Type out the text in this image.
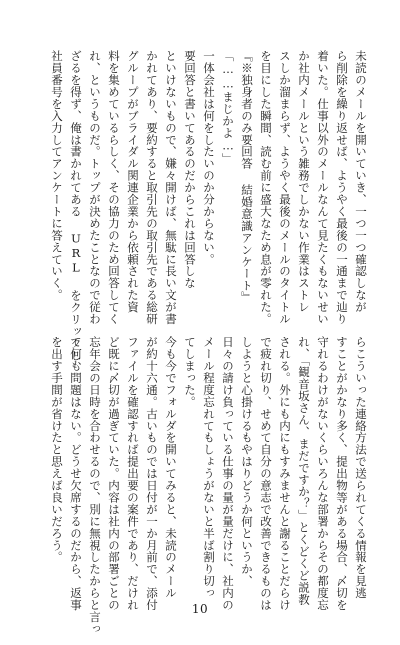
未読のメールを開いていき、一つ一つ確認しなが

ら削除を繰り返せば、ようやく最後の一通まで辿り

着いた。仕事以外のメールなんて見たくもないせい

か社内メールという雑務でしかない作業はストレ

スしか溜まらず、ようやく最後のメールのタイトル

を目にした瞬間、読む前に盛大なため息が零れた。

『※独身者のみ要回答 結婚意識アンケート』

「……まじかよ…」

一体会社は何をしたいのか分からない。

要回答と書いてあるのだからこれは回答しな

といけないもので、嫌々開けば、無駄に長い文が書

かれてあり、要約すると取引先の取引先である総研

グループがブライダル関連企業から依頼された資

料を集めているらしく、その協力のため回答してく

れ、というものだ。トップが決めたことなので従わ

ざるを得ず、俺は書かれてある URL をクリックし、

社員番号を入力してアンケートに答えていく。

らこういった連絡方法で送られてくる情報を見逃

すことがかなり多く、提出物等がある場合、〆切を

守れるわけがないくらいろんな部署からその都度忘

れ、「観音坂さん、まだですか？」とくどくど説教

される。外にも内にもすみませんと謝ることだらけ

で疲れ切り、せめて自分の意志で改善できるものは

しようと心掛けるもやはりどうか何というか、

日々の請け負っている仕事の量が量だけに、社内の

メール程度忘れてもしょうがないと半ば割り切っ

てしまった。

今も今でフォルダを開いてみると、未読のメール

が約十六通。古いものでは日付が一か月前で、添付

ファイルを確認すれば提出要の案件であり、だけれ

ど既に〆切が過ぎていた。内容は社内の部署ごとの

忘年会の日時を合わせるので、別に無視したからと言っ

て何も問題はない。どうせ欠席するのだから、返事

を出す手間が省けたと思えば良いだろう。

10
